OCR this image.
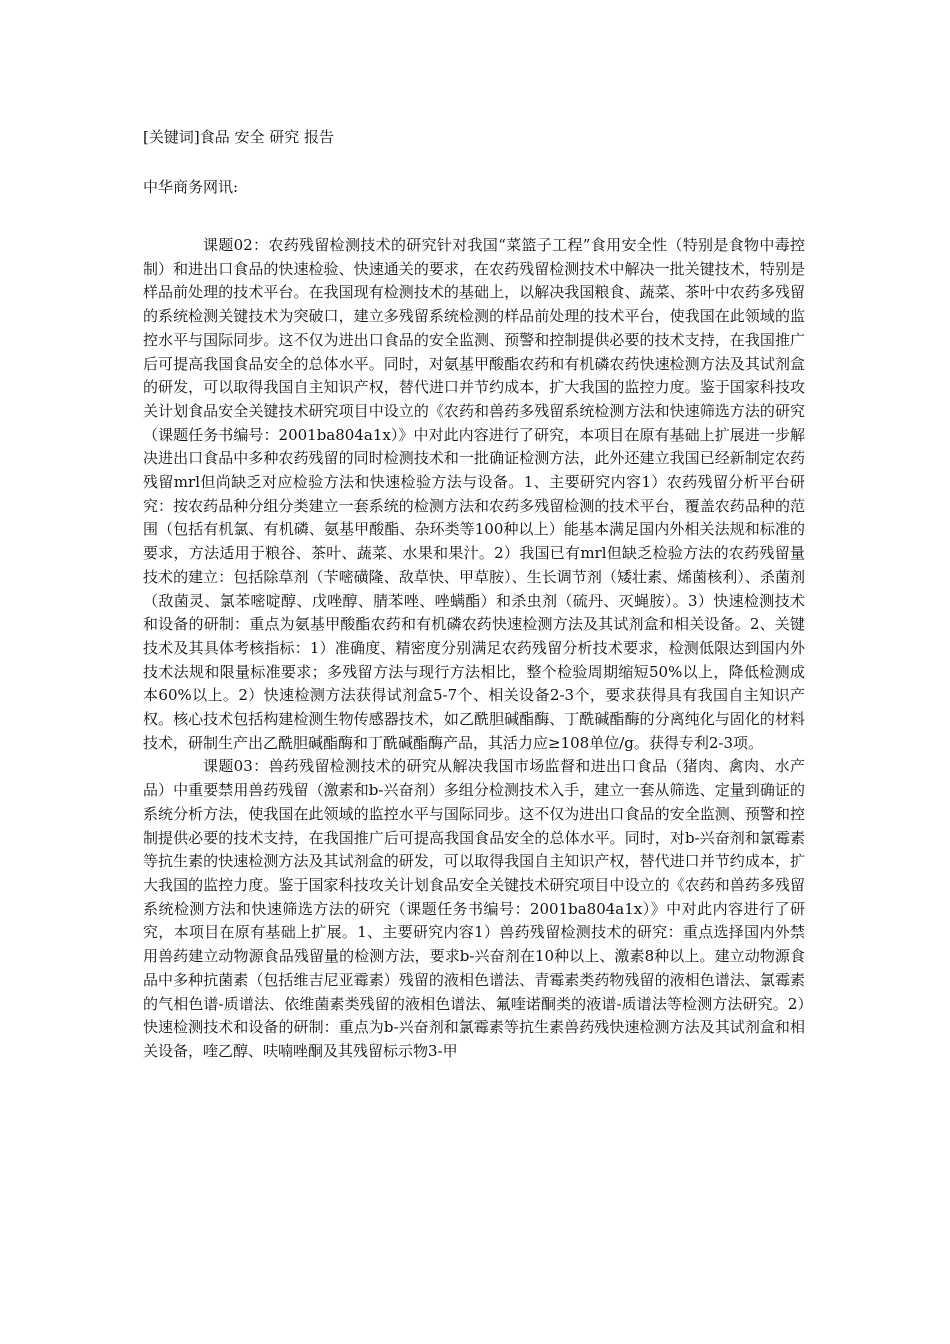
[关键词]食品 安全 研究 报告
中华商务网讯:

课题02：农药残留检测技术的研究针对我国“菜篮子工程”食用安全性（特别是食物中毒控制）和进出口食品的快速检验、快速通关的要求，在农药残留检测技术中解决一批关键技术，特别是样品前处理的技术平台。在我国现有检测技术的基础上，以解决我国粮食、蔬菜、茶叶中农药多残留的系统检测关键技术为突破口，建立多残留系统检测的样品前处理的技术平台，使我国在此领域的监控水平与国际同步。这不仅为进出口食品的安全监测、预警和控制提供必要的技术支持，在我国推广后可提高我国食品安全的总体水平。同时，对氨基甲酸酯农药和有机磷农药快速检测方法及其试剂盒的研发，可以取得我国自主知识产权，替代进口并节约成本，扩大我国的监控力度。鉴于国家科技攻关计划食品安全关键技术研究项目中设立的《农药和兽药多残留系统检测方法和快速筛选方法的研究（课题任务书编号：2001ba804a1x）》中对此内容进行了研究，本项目在原有基础上扩展进一步解决进出口食品中多种农药残留的同时检测技术和一批确证检测方法，此外还建立我国已经新制定农药残留mrl但尚缺乏对应检验方法和快速检验方法与设备。1、主要研究内容1）农药残留分析平台研究：按农药品种分组分类建立一套系统的检测方法和农药多残留检测的技术平台，覆盖农药品种的范围（包括有机氯、有机磷、氨基甲酸酯、杂环类等100种以上）能基本满足国内外相关法规和标准的要求，方法适用于粮谷、茶叶、蔬菜、水果和果汁。2）我国已有mrl但缺乏检验方法的农药残留量技术的建立：包括除草剂（苄嘧磺隆、敌草快、甲草胺）、生长调节剂（矮壮素、烯菌核利）、杀菌剂（敌菌灵、氯苯嘧啶醇、戊唑醇、腈苯唑、唑螨酯）和杀虫剂（硫丹、灭蝇胺）。3）快速检测技术和设备的研制：重点为氨基甲酸酯农药和有机磷农药快速检测方法及其试剂盒和相关设备。2、关键技术及其具体考核指标：1）准确度、精密度分别满足农药残留分析技术要求，检测低限达到国内外技术法规和限量标准要求；多残留方法与现行方法相比，整个检验周期缩短50%以上，降低检测成本60%以上。2）快速检测方法获得试剂盒5-7个、相关设备2-3个，要求获得具有我国自主知识产权。核心技术包括构建检测生物传感器技术，如乙酰胆碱酯酶、丁酰碱酯酶的分离纯化与固化的材料技术，研制生产出乙酰胆碱酯酶和丁酰碱酯酶产品，其活力应≥108单位/g。获得专利2-3项。

课题03：兽药残留检测技术的研究从解决我国市场监督和进出口食品（猪肉、禽肉、水产品）中重要禁用兽药残留（激素和b-兴奋剂）多组分检测技术入手，建立一套从筛选、定量到确证的系统分析方法，使我国在此领域的监控水平与国际同步。这不仅为进出口食品的安全监测、预警和控制提供必要的技术支持，在我国推广后可提高我国食品安全的总体水平。同时，对b-兴奋剂和氯霉素等抗生素的快速检测方法及其试剂盒的研发，可以取得我国自主知识产权，替代进口并节约成本，扩大我国的监控力度。鉴于国家科技攻关计划食品安全关键技术研究项目中设立的《农药和兽药多残留系统检测方法和快速筛选方法的研究（课题任务书编号：2001ba804a1x）》中对此内容进行了研究，本项目在原有基础上扩展。1、主要研究内容1）兽药残留检测技术的研究：重点选择国内外禁用兽药建立动物源食品残留量的检测方法，要求b-兴奋剂在10种以上、激素8种以上。建立动物源食品中多种抗菌素（包括维吉尼亚霉素）残留的液相色谱法、青霉素类药物残留的液相色谱法、氯霉素的气相色谱-质谱法、依维菌素类残留的液相色谱法、氟喹诺酮类的液谱-质谱法等检测方法研究。2）快速检测技术和设备的研制：重点为b-兴奋剂和氯霉素等抗生素兽药残快速检测方法及其试剂盒和相关设备，喹乙醇、呋喃唑酮及其残留标示物3-甲
